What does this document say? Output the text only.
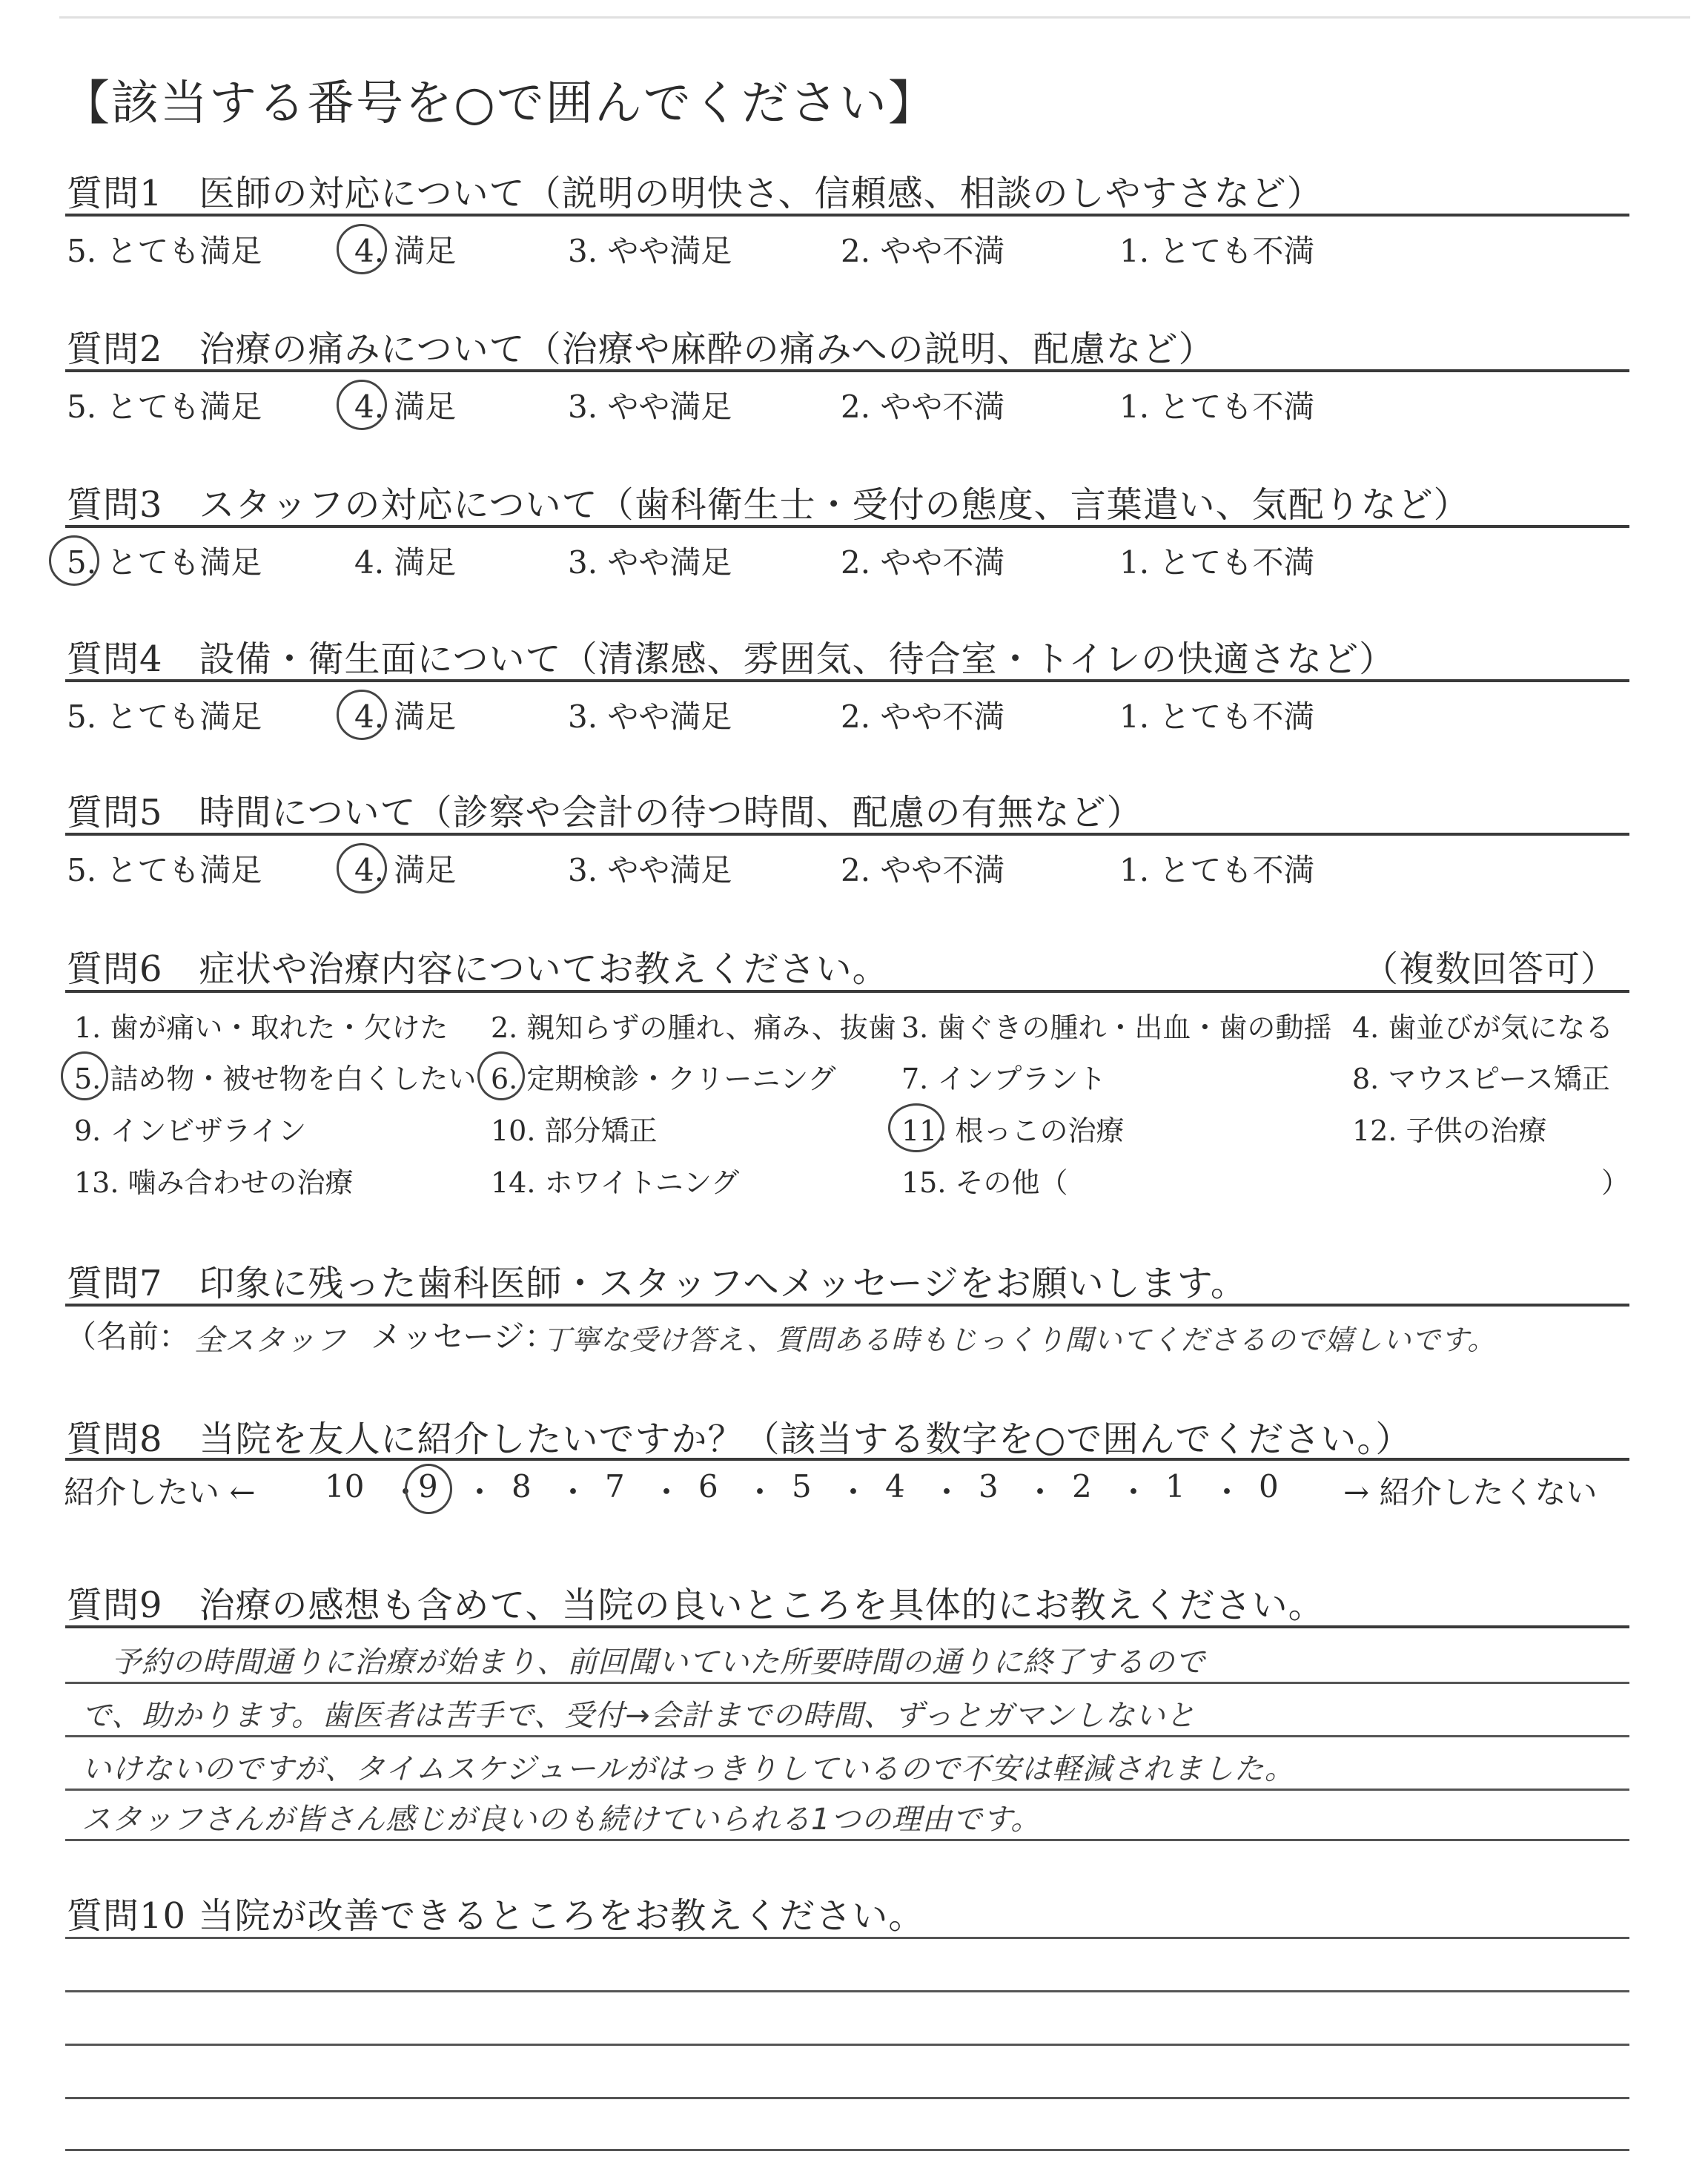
【該当する番号を○で囲んでください】
質問1　医師の対応について（説明の明快さ、信頼感、相談のしやすさなど）
5. とても満足	4. 満足	3. やや満足	2. やや不満	1. とても不満
質問2　治療の痛みについて（治療や麻酔の痛みへの説明、配慮など）
5. とても満足	4. 満足	3. やや満足	2. やや不満	1. とても不満
質問3　スタッフの対応について（歯科衛生士・受付の態度、言葉遣い、気配りなど）
5. とても満足	4. 満足	3. やや満足	2. やや不満	1. とても不満
質問4　設備・衛生面について（清潔感、雰囲気、待合室・トイレの快適さなど）
5. とても満足	4. 満足	3. やや満足	2. やや不満	1. とても不満
質問5　時間について（診察や会計の待つ時間、配慮の有無など）
5. とても満足	4. 満足	3. やや満足	2. やや不満	1. とても不満
質問6　症状や治療内容についてお教えください。	（複数回答可）
1. 歯が痛い・取れた・欠けた 2. 親知らずの腫れ、痛み、抜歯 3. 歯ぐきの腫れ・出血・歯の動揺 4. 歯並びが気になる
5. 詰め物・被せ物を白くしたい 6. 定期検診・クリーニング 7. インプラント	8. マウスピース矯正
9. インビザライン	10. 部分矯正	11. 根っこの治療	12. 子供の治療
13. 噛み合わせの治療	14. ホワイトニング	15. その他（	）
質問7　印象に残った歯科医師・スタッフへメッセージをお願いします。
（名前： 全スタッフ メッセージ：
丁寧な受け答え、質問ある時もじっくり聞いてくださるので嬉しいです。
質問8　当院を友人に紹介したいですか？（該当する数字を○で囲んでください。）
紹介したい ← 10 ・
9 ・ 8 ・ 7 ・ 6 ・ 5 ・ 4 ・ 3 ・ 2 ・ 1 ・ 0 → 紹介したくない
質問9　治療の感想も含めて、当院の良いところを具体的にお教えください。
予約の時間通りに治療が始まり、前回聞いていた所要時間の通りに終了するので
で、助かります。歯医者は苦手で、受付→会計までの時間、ずっとガマンしないと
いけないのですが、タイムスケジュールがはっきりしているので不安は軽減されました。
スタッフさんが皆さん感じが良いのも続けていられる1つの理由です。
質問10 当院が改善できるところをお教えください。
